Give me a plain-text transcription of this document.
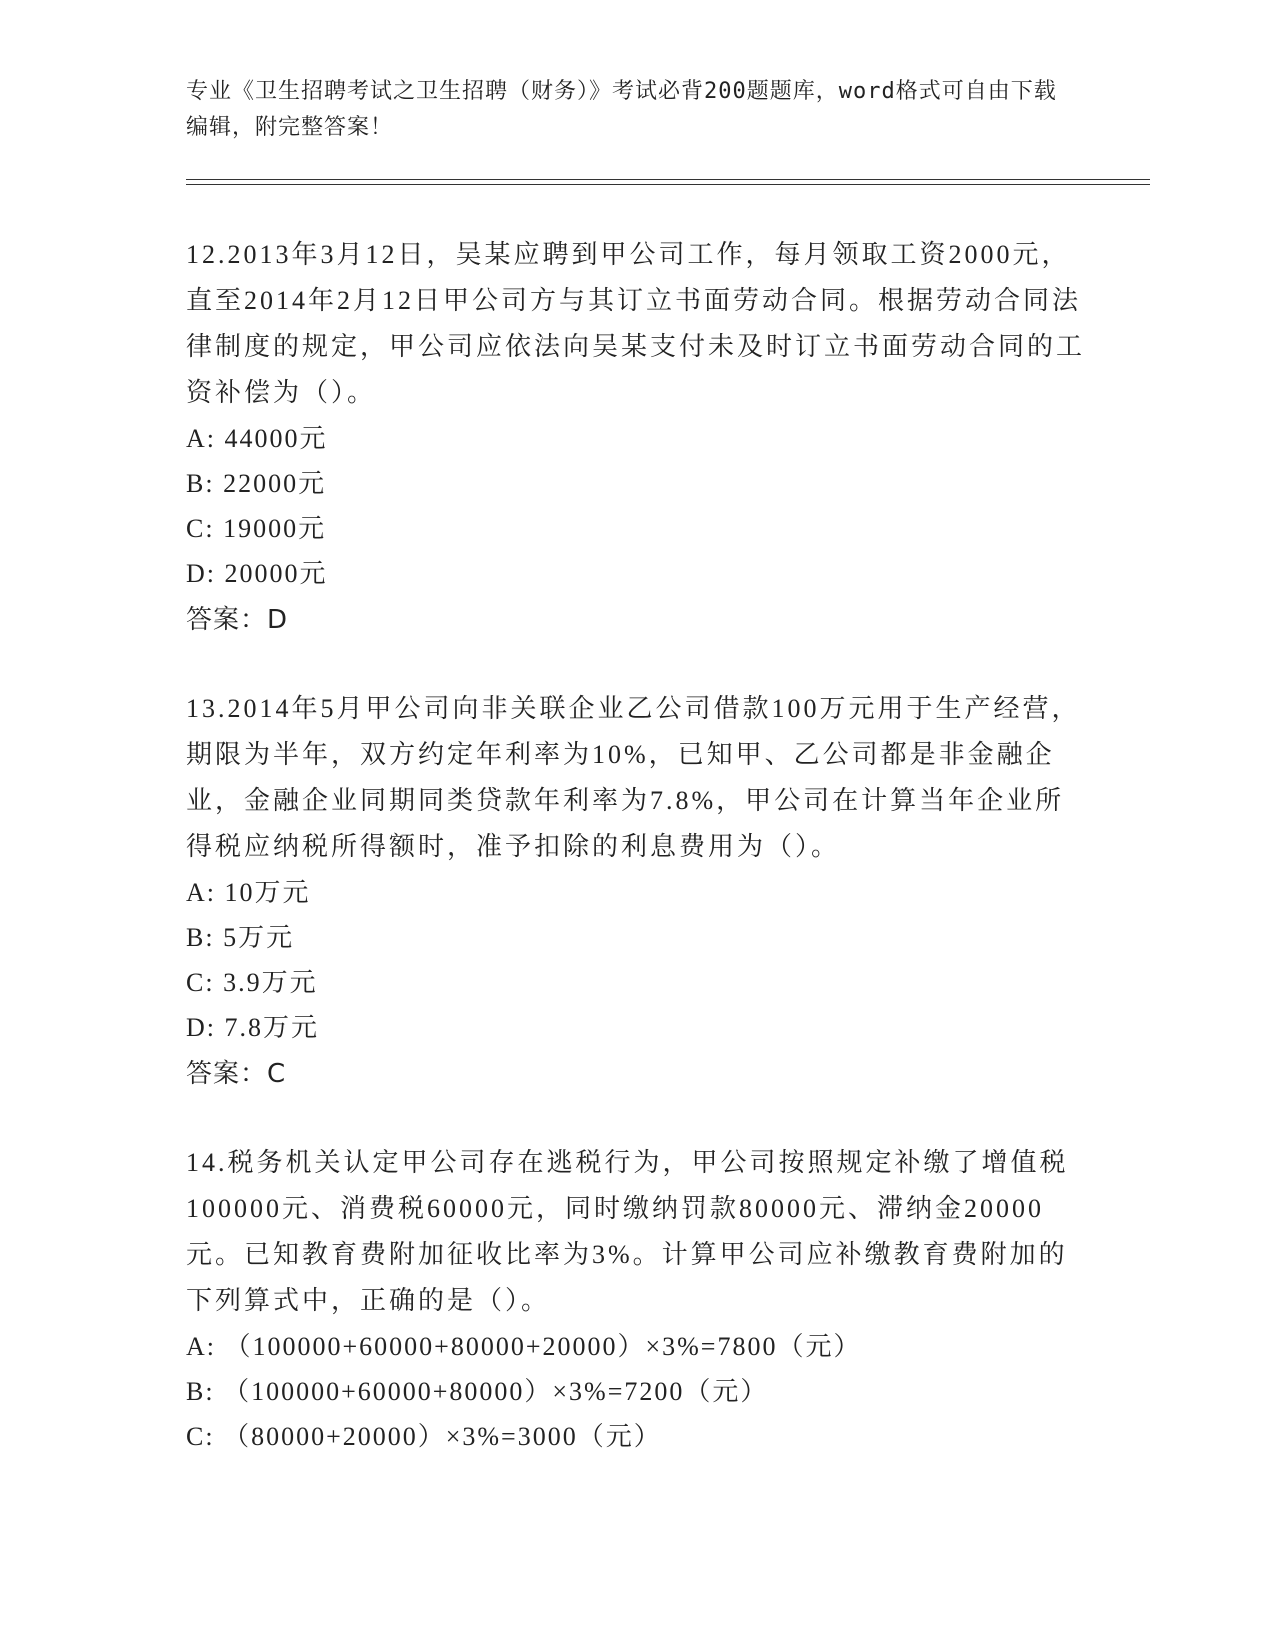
专业《卫生招聘考试之卫生招聘（财务）》考试必背200题题库，word格式可自由下载编辑，附完整答案！
12.2013年3月12日，吴某应聘到甲公司工作，每月领取工资2000元，直至2014年2月12日甲公司方与其订立书面劳动合同。根据劳动合同法律制度的规定，甲公司应依法向吴某支付未及时订立书面劳动合同的工资补偿为（）。
A: 44000元
B: 22000元
C: 19000元
D: 20000元
答案：D
13.2014年5月甲公司向非关联企业乙公司借款100万元用于生产经营，期限为半年，双方约定年利率为10%，已知甲、乙公司都是非金融企业，金融企业同期同类贷款年利率为7.8%，甲公司在计算当年企业所得税应纳税所得额时，准予扣除的利息费用为（）。
A: 10万元
B: 5万元
C: 3.9万元
D: 7.8万元
答案：C
14.税务机关认定甲公司存在逃税行为，甲公司按照规定补缴了增值税100000元、消费税60000元，同时缴纳罚款80000元、滞纳金20000元。已知教育费附加征收比率为3%。计算甲公司应补缴教育费附加的下列算式中，正确的是（）。
A: （100000+60000+80000+20000）×3%=7800（元）
B: （100000+60000+80000）×3%=7200（元）
C: （80000+20000）×3%=3000（元）
